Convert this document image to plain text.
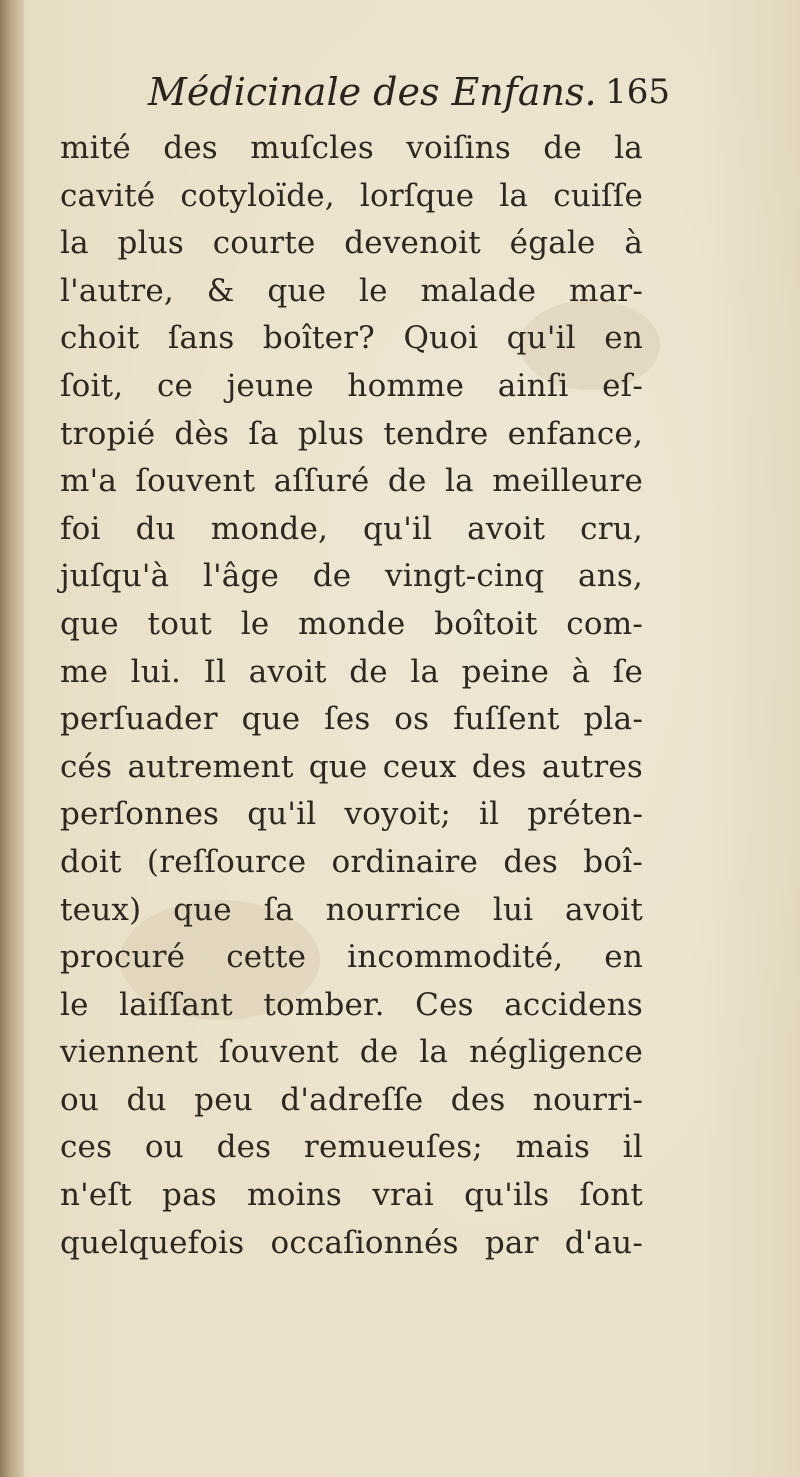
Médicinale des Enfans. 165
mité des muſcles voiſins de la
cavité cotyloïde, lorſque la cuiſſe
la plus courte devenoit égale à
l'autre, & que le malade mar-
choit ſans boîter? Quoi qu'il en
ſoit, ce jeune homme ainſi eſ-
tropié dès ſa plus tendre enfance,
m'a ſouvent aſſuré de la meilleure
foi du monde, qu'il avoit cru,
juſqu'à l'âge de vingt-cinq ans,
que tout le monde boîtoit com-
me lui. Il avoit de la peine à ſe
perſuader que ſes os fuſſent pla-
cés autrement que ceux des autres
perſonnes qu'il voyoit; il préten-
doit (reſſource ordinaire des boî-
teux) que ſa nourrice lui avoit
procuré cette incommodité, en
le laiſſant tomber. Ces accidens
viennent ſouvent de la négligence
ou du peu d'adreſſe des nourri-
ces ou des remueuſes; mais il
n'eſt pas moins vrai qu'ils ſont
quelquefois occaſionnés par d'au-
